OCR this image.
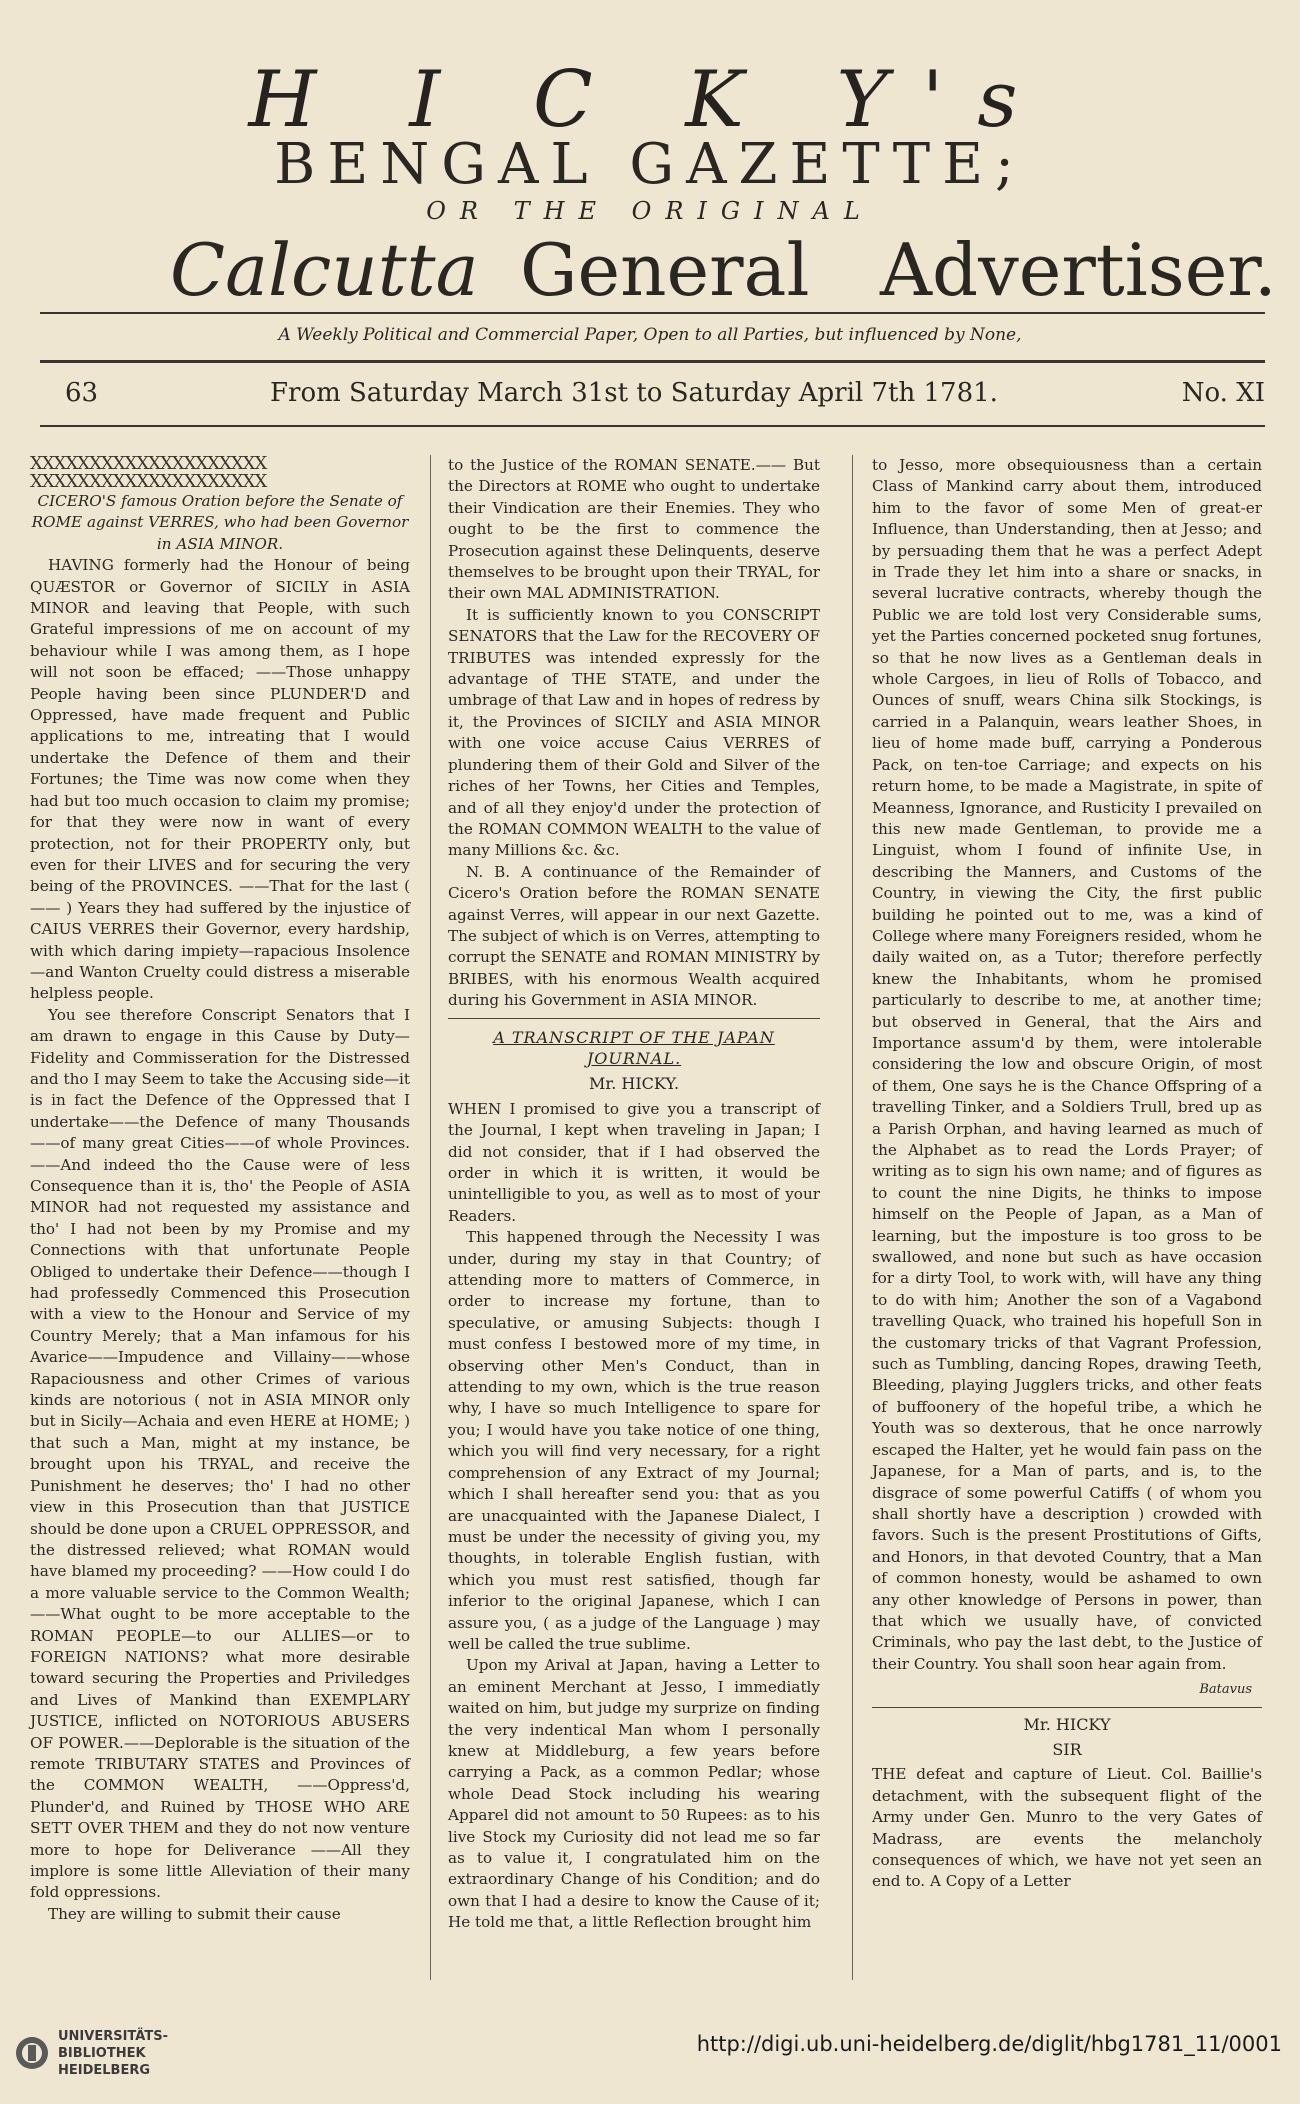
H I C K Y's
BENGAL GAZETTE;
OR THE ORIGINAL
Calcutta General Advertiser.
A Weekly Political and Commercial Paper, Open to all Parties, but influenced by None,
63	From Saturday March 31st to Saturday April 7th 1781.	No. XI
XXXXXXXXXXXXXXXXXXXX
XXXXXXXXXXXXXXXXXXXX
CICERO'S famous Oration before the Senate of ROME against VERRES, who had been Governor in ASIA MINOR.

HAVING formerly had the Honour of being QUÆSTOR or Governor of SICILY in ASIA MINOR and leaving that People, with such Grateful impressions of me on account of my behaviour while I was among them, as I hope will not soon be effaced; ——Those unhappy People having been since PLUNDER'D and Oppressed, have made frequent and Public applications to me, intreating that I would undertake the Defence of them and their Fortunes; the Time was now come when they had but too much occasion to claim my promise; for that they were now in want of every protection, not for their PROPERTY only, but even for their LIVES and for securing the very being of the PROVINCES. ——That for the last ( —— ) Years they had suffered by the injustice of CAIUS VERRES their Governor, every hardship, with which daring impiety—rapacious Insolence—and Wanton Cruelty could distress a miserable helpless people.

You see therefore Conscript Senators that I am drawn to engage in this Cause by Duty—Fidelity and Commisseration for the Distressed and tho I may Seem to take the Accusing side—it is in fact the Defence of the Oppressed that I undertake——the Defence of many Thousands——of many great Cities——of whole Provinces.——And indeed tho the Cause were of less Consequence than it is, tho' the People of ASIA MINOR had not requested my assistance and tho' I had not been by my Promise and my Connections with that unfortunate People Obliged to undertake their Defence——though I had professedly Commenced this Prosecution with a view to the Honour and Service of my Country Merely; that a Man infamous for his Avarice——Impudence and Villainy——whose Rapaciousness and other Crimes of various kinds are notorious ( not in ASIA MINOR only but in Sicily—Achaia and even HERE at HOME; ) that such a Man, might at my instance, be brought upon his TRYAL, and receive the Punishment he deserves; tho' I had no other view in this Prosecution than that JUSTICE should be done upon a CRUEL OPPRESSOR, and the distressed relieved; what ROMAN would have blamed my proceeding? ——How could I do a more valuable service to the Common Wealth; ——What ought to be more acceptable to the ROMAN PEOPLE—to our ALLIES—or to FOREIGN NATIONS? what more desirable toward securing the Properties and Priviledges and Lives of Mankind than EXEMPLARY JUSTICE, inflicted on NOTORIOUS ABUSERS OF POWER.——Deplorable is the situation of the remote TRIBUTARY STATES and Provinces of the COMMON WEALTH, ——Oppress'd, Plunder'd, and Ruined by THOSE WHO ARE SETT OVER THEM and they do not now venture more to hope for Deliverance ——All they implore is some little Alleviation of their many fold oppressions.

They are willing to submit their cause

to the Justice of the ROMAN SENATE.—— But the Directors at ROME who ought to undertake their Vindication are their Enemies. They who ought to be the first to commence the Prosecution against these Delinquents, deserve themselves to be brought upon their TRYAL, for their own MAL ADMINISTRATION.

It is sufficiently known to you CONSCRIPT SENATORS that the Law for the RECOVERY OF TRIBUTES was intended expressly for the advantage of THE STATE, and under the umbrage of that Law and in hopes of redress by it, the Provinces of SICILY and ASIA MINOR with one voice accuse Caius VERRES of plundering them of their Gold and Silver of the riches of her Towns, her Cities and Temples, and of all they enjoy'd under the protection of the ROMAN COMMON WEALTH to the value of many Millions &c. &c.

N. B. A continuance of the Remainder of Cicero's Oration before the ROMAN SENATE against Verres, will appear in our next Gazette. The subject of which is on Verres, attempting to corrupt the SENATE and ROMAN MINISTRY by BRIBES, with his enormous Wealth acquired during his Government in ASIA MINOR.

A TRANSCRIPT OF THE JAPAN JOURNAL.
Mr. HICKY.

WHEN I promised to give you a transcript of the Journal, I kept when traveling in Japan; I did not consider, that if I had observed the order in which it is written, it would be unintelligible to you, as well as to most of your Readers.

This happened through the Necessity I was under, during my stay in that Country; of attending more to matters of Commerce, in order to increase my fortune, than to speculative, or amusing Subjects: though I must confess I bestowed more of my time, in observing other Men's Conduct, than in attending to my own, which is the true reason why, I have so much Intelligence to spare for you; I would have you take notice of one thing, which you will find very necessary, for a right comprehension of any Extract of my Journal; which I shall hereafter send you: that as you are unacquainted with the Japanese Dialect, I must be under the necessity of giving you, my thoughts, in tolerable English fustian, with which you must rest satisfied, though far inferior to the original Japanese, which I can assure you, ( as a judge of the Language ) may well be called the true sublime.

Upon my Arival at Japan, having a Letter to an eminent Merchant at Jesso, I immediatly waited on him, but judge my surprize on finding the very indentical Man whom I personally knew at Middleburg, a few years before carrying a Pack, as a common Pedlar; whose whole Dead Stock including his wearing Apparel did not amount to 50 Rupees: as to his live Stock my Curiosity did not lead me so far as to value it, I congratulated him on the extraordinary Change of his Condition; and do own that I had a desire to know the Cause of it; He told me that, a little Reflection brought him

to Jesso, more obsequiousness than a certain Class of Mankind carry about them, introduced him to the favor of some Men of great-er Influence, than Understanding, then at Jesso; and by persuading them that he was a perfect Adept in Trade they let him into a share or snacks, in several lucrative contracts, whereby though the Public we are told lost very Considerable sums, yet the Parties concerned pocketed snug fortunes, so that he now lives as a Gentleman deals in whole Cargoes, in lieu of Rolls of Tobacco, and Ounces of snuff, wears China silk Stockings, is carried in a Palanquin, wears leather Shoes, in lieu of home made buff, carrying a Ponderous Pack, on ten-toe Carriage; and expects on his return home, to be made a Magistrate, in spite of Meanness, Ignorance, and Rusticity I prevailed on this new made Gentleman, to provide me a Linguist, whom I found of infinite Use, in describing the Manners, and Customs of the Country, in viewing the City, the first public building he pointed out to me, was a kind of College where many Foreigners resided, whom he daily waited on, as a Tutor; therefore perfectly knew the Inhabitants, whom he promised particularly to describe to me, at another time; but observed in General, that the Airs and Importance assum'd by them, were intolerable considering the low and obscure Origin, of most of them, One says he is the Chance Offspring of a travelling Tinker, and a Soldiers Trull, bred up as a Parish Orphan, and having learned as much of the Alphabet as to read the Lords Prayer; of writing as to sign his own name; and of figures as to count the nine Digits, he thinks to impose himself on the People of Japan, as a Man of learning, but the imposture is too gross to be swallowed, and none but such as have occasion for a dirty Tool, to work with, will have any thing to do with him; Another the son of a Vagabond travelling Quack, who trained his hopefull Son in the customary tricks of that Vagrant Profession, such as Tumbling, dancing Ropes, drawing Teeth, Bleeding, playing Jugglers tricks, and other feats of buffoonery of the hopeful tribe, a which he Youth was so dexterous, that he once narrowly escaped the Halter, yet he would fain pass on the Japanese, for a Man of parts, and is, to the disgrace of some powerful Catiffs ( of whom you shall shortly have a description ) crowded with favors. Such is the present Prostitutions of Gifts, and Honors, in that devoted Country, that a Man of common honesty, would be ashamed to own any other knowledge of Persons in power, than that which we usually have, of convicted Criminals, who pay the last debt, to the Justice of their Country. You shall soon hear again from.

Batavus
Mr. HICKY
SIR

THE defeat and capture of Lieut. Col. Baillie's detachment, with the subsequent flight of the Army under Gen. Munro to the very Gates of Madrass, are events the melancholy consequences of which, we have not yet seen an end to. A Copy of a Letter

UNIVERSITÄTS-
BIBLIOTHEK
HEIDELBERG
http://digi.ub.uni-heidelberg.de/diglit/hbg1781_11/0001
